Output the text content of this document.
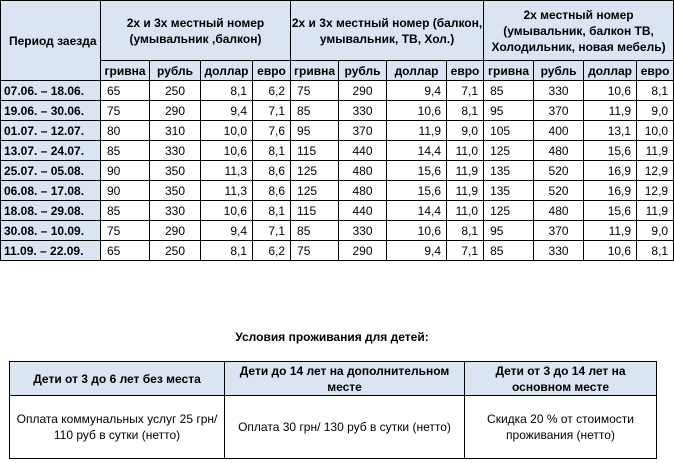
Период заезда	2х и 3х местный номер (умывальник ,балкон)				2х и 3х местный номер (балкон, умывальник, ТВ, Хол.)				2х местный номер (умывальник, балкон ТВ, Холодильник, новая мебель)			
	гривна	рубль	доллар	евро	гривна	рубль	доллар	евро	гривна	рубль	доллар	евро
07.06. – 18.06.	65	250	8,1	6,2	75	290	9,4	7,1	85	330	10,6	8,1
19.06. – 30.06.	75	290	9,4	7,1	85	330	10,6	8,1	95	370	11,9	9,0
01.07. – 12.07.	80	310	10,0	7,6	95	370	11,9	9,0	105	400	13,1	10,0
13.07. – 24.07.	85	330	10,6	8,1	115	440	14,4	11,0	125	480	15,6	11,9
25.07. – 05.08.	90	350	11,3	8,6	125	480	15,6	11,9	135	520	16,9	12,9
06.08. – 17.08.	90	350	11,3	8,6	125	480	15,6	11,9	135	520	16,9	12,9
18.08. – 29.08.	85	330	10,6	8,1	115	440	14,4	11,0	125	480	15,6	11,9
30.08. – 10.09.	75	290	9,4	7,1	85	330	10,6	8,1	95	370	11,9	9,0
11.09. – 22.09.	65	250	8,1	6,2	75	290	9,4	7,1	85	330	10,6	8,1
Условия проживания для детей:
Дети от 3 до 6 лет без места	Дети до 14 лет на дополнительном месте	Дети от 3 до 14 лет на основном месте
Оплата коммунальных услуг 25 грн/ 110 руб в сутки (нетто)	Оплата 30 грн/ 130 руб в сутки (нетто)	Скидка 20 % от стоимости проживания (нетто)
